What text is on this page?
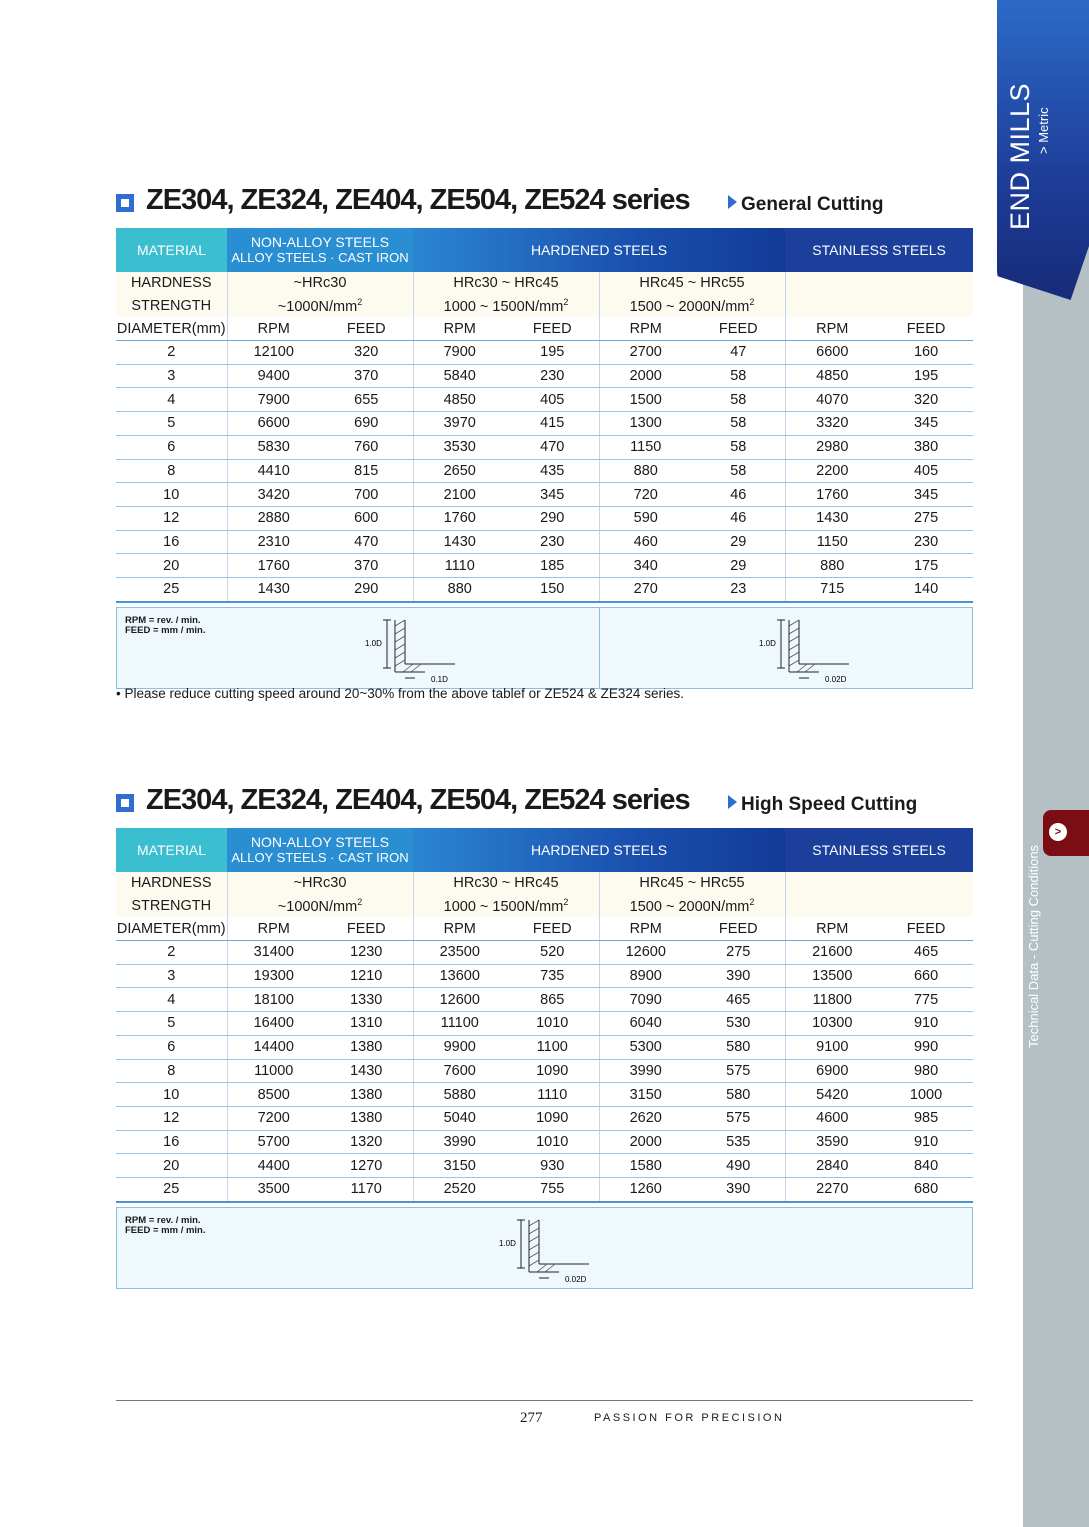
END MILLS > Metric
>
Technical Data - Cutting Conditions
ZE304, ZE324, ZE404, ZE504, ZE524 series	General Cutting
MATERIAL	NON-ALLOY STEELS
ALLOY STEELS · CAST IRON		HARDENED STEELS				STAINLESS STEELS	
HARDNESS	~HRc30		HRc30 ~ HRc45		HRc45 ~ HRc55			
STRENGTH	$\sim 1000N/mm^2$		1000 ~ $1500N/mm^2$		1500 ~ $2000N/mm^2$	
DIAMETER(mm)	RPM	FEED	RPM	FEED	RPM	FEED	RPM	FEED
2	12100	320	7900	195	2700	47	6600	160
3	9400	370	5840	230	2000	58	4850	195
4	7900	655	4850	405	1500	58	4070	320
5	6600	690	3970	415	1300	58	3320	345
6	5830	760	3530	470	1150	58	2980	380
8	4410	815	2650	435	880	58	2200	405
10	3420	700	2100	345	720	46	1760	345
12	2880	600	1760	290	590	46	1430	275
16	2310	470	1430	230	460	29	1150	230
20	1760	370	1110	185	340	29	880	175
25	1430	290	880	150	270	23	715	140
RPM = rev. / min.
FEED = mm / min.
1.0D
0.1D
1.0D
0.02D
• Please reduce cutting speed around 20~30% from the above tablef or ZE524 & ZE324 series.
ZE304, ZE324, ZE404, ZE504, ZE524 series	High Speed Cutting
MATERIAL	NON-ALLOY STEELS
ALLOY STEELS · CAST IRON		HARDENED STEELS				STAINLESS STEELS	
HARDNESS	~HRc30		HRc30 ~ HRc45		HRc45 ~ HRc55			
STRENGTH	$\sim 1000N/mm^2$		1000 ~ $1500N/mm^2$		1500 ~ $2000N/mm^2$	
DIAMETER(mm)	RPM	FEED	RPM	FEED	RPM	FEED	RPM	FEED
2	31400	1230	23500	520	12600	275	21600	465
3	19300	1210	13600	735	8900	390	13500	660
4	18100	1330	12600	865	7090	465	11800	775
5	16400	1310	11100	1010	6040	530	10300	910
6	14400	1380	9900	1100	5300	580	9100	990
8	11000	1430	7600	1090	3990	575	6900	980
10	8500	1380	5880	1110	3150	580	5420	1000
12	7200	1380	5040	1090	2620	575	4600	985
16	5700	1320	3990	1010	2000	535	3590	910
20	4400	1270	3150	930	1580	490	2840	840
25	3500	1170	2520	755	1260	390	2270	680
RPM = rev. / min.
FEED = mm / min.
1.0D
0.02D
277	PASSION FOR PRECISION
